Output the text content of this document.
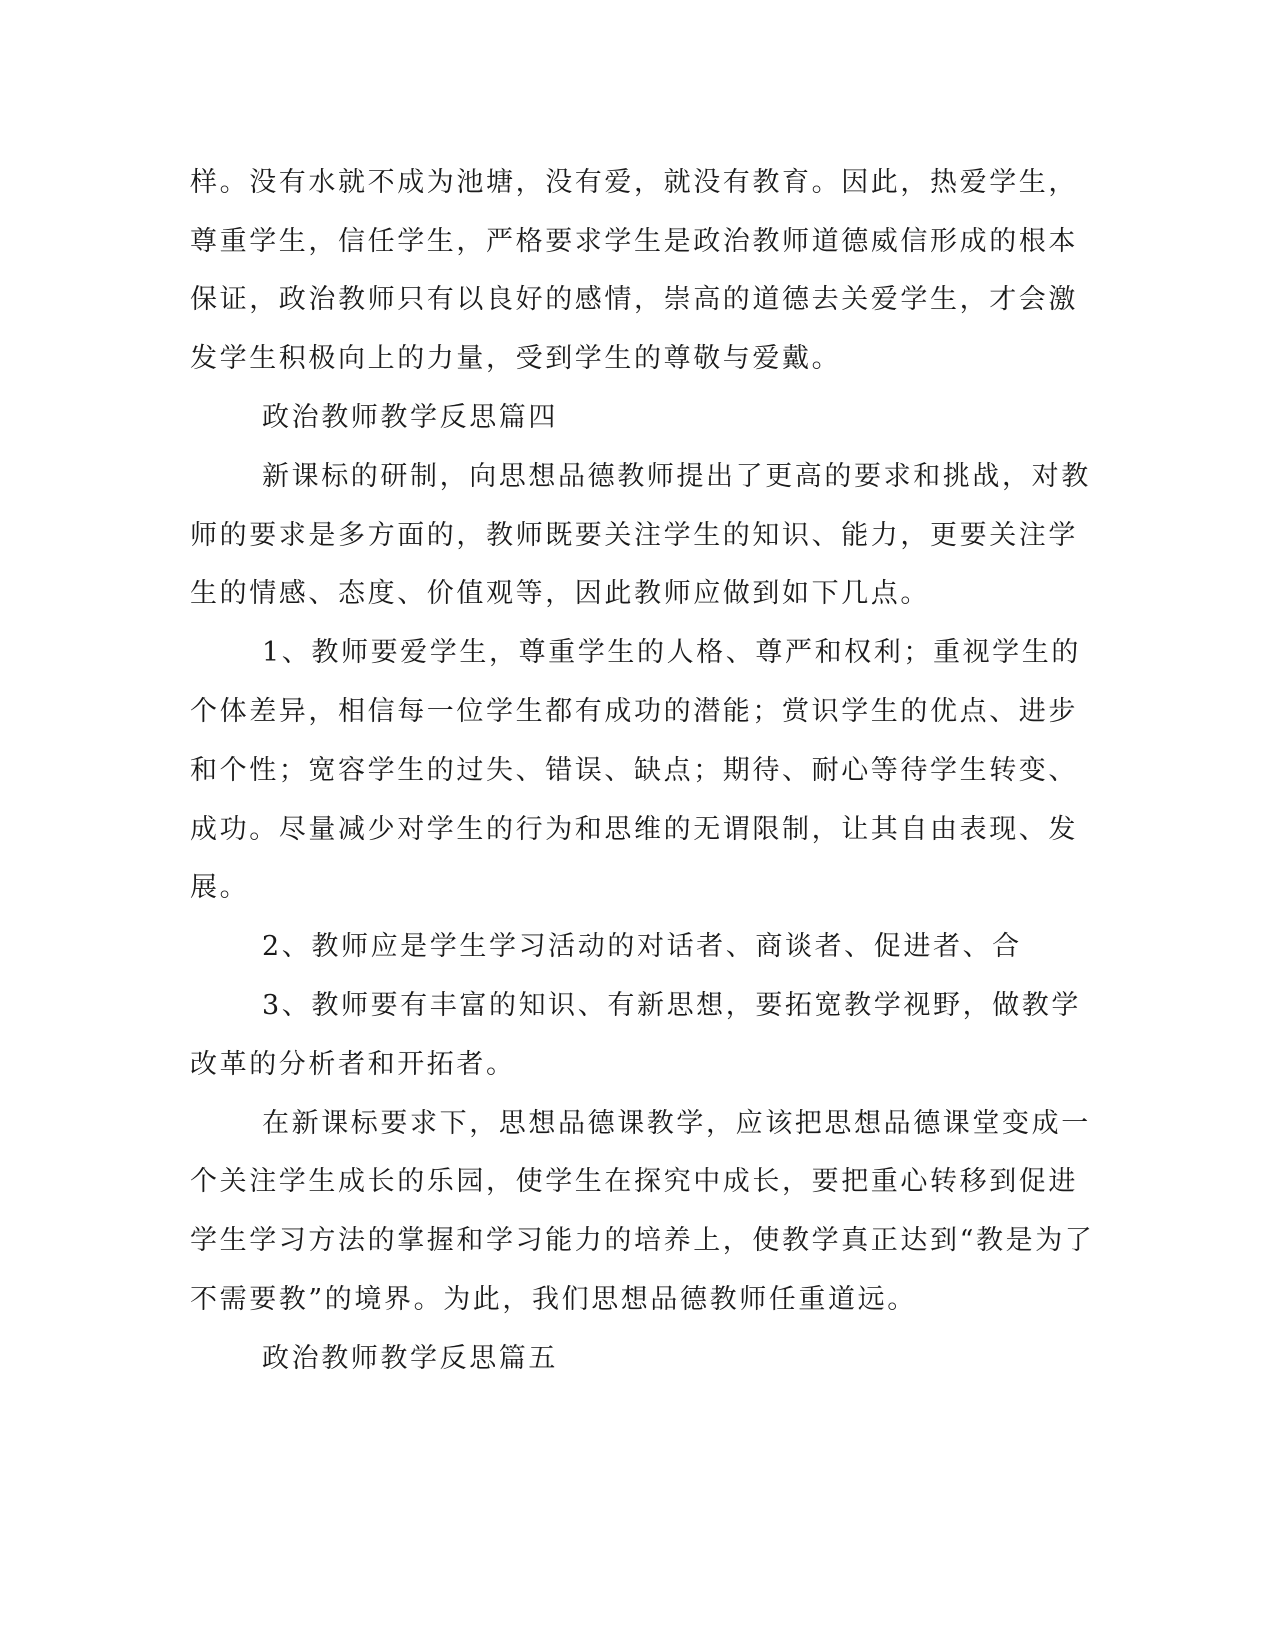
样。没有水就不成为池塘，没有爱，就没有教育。因此，热爱学生，

尊重学生，信任学生，严格要求学生是政治教师道德威信形成的根本

保证，政治教师只有以良好的感情，崇高的道德去关爱学生，才会激

发学生积极向上的力量，受到学生的尊敬与爱戴。

政治教师教学反思篇四

新课标的研制，向思想品德教师提出了更高的要求和挑战，对教

师的要求是多方面的，教师既要关注学生的知识、能力，更要关注学

生的情感、态度、价值观等，因此教师应做到如下几点。

1、教师要爱学生，尊重学生的人格、尊严和权利；重视学生的

个体差异，相信每一位学生都有成功的潜能；赏识学生的优点、进步

和个性；宽容学生的过失、错误、缺点；期待、耐心等待学生转变、

成功。尽量减少对学生的行为和思维的无谓限制，让其自由表现、发

展。

2、教师应是学生学习活动的对话者、商谈者、促进者、合

3、教师要有丰富的知识、有新思想，要拓宽教学视野，做教学

改革的分析者和开拓者。

在新课标要求下，思想品德课教学，应该把思想品德课堂变成一

个关注学生成长的乐园，使学生在探究中成长，要把重心转移到促进

学生学习方法的掌握和学习能力的培养上，使教学真正达到“教是为了

不需要教”的境界。为此，我们思想品德教师任重道远。

政治教师教学反思篇五
